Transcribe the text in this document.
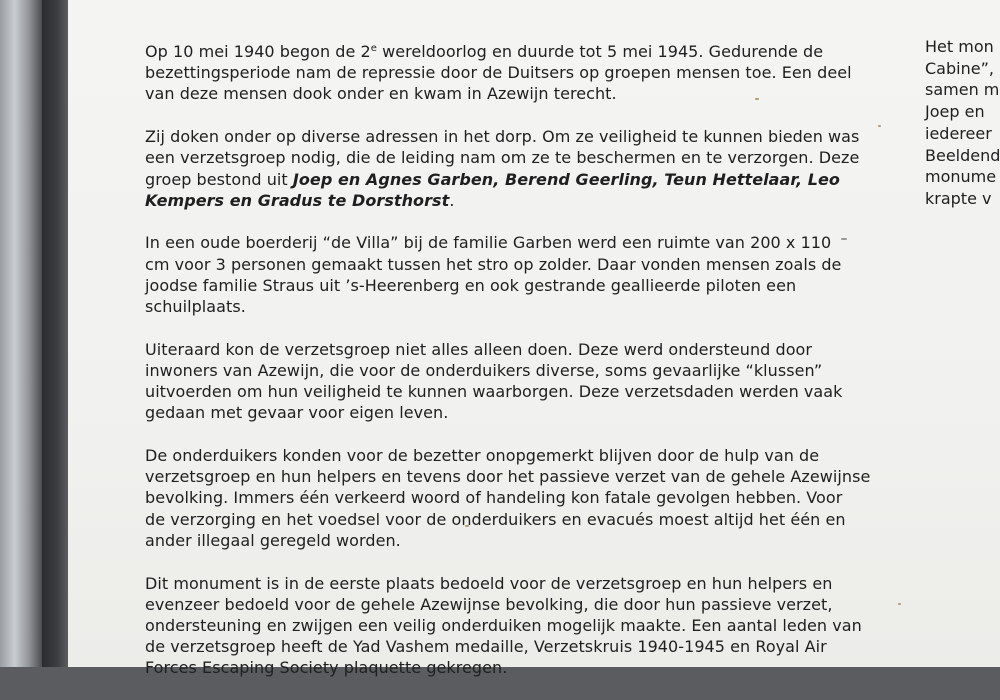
Op 10 mei 1940 begon de 2e wereldoorlog en duurde tot 5 mei 1945. Gedurende de
bezettingsperiode nam de repressie door de Duitsers op groepen mensen toe. Een deel
van deze mensen dook onder en kwam in Azewijn terecht.

Zij doken onder op diverse adressen in het dorp. Om ze veiligheid te kunnen bieden was
een verzetsgroep nodig, die de leiding nam om ze te beschermen en te verzorgen. Deze
groep bestond uit Joep en Agnes Garben, Berend Geerling, Teun Hettelaar, Leo
Kempers en Gradus te Dorsthorst.

In een oude boerderij “de Villa” bij de familie Garben werd een ruimte van 200 x 110
cm voor 3 personen gemaakt tussen het stro op zolder. Daar vonden mensen zoals de
joodse familie Straus uit ’s-Heerenberg en ook gestrande geallieerde piloten een
schuilplaats.

Uiteraard kon de verzetsgroep niet alles alleen doen. Deze werd ondersteund door
inwoners van Azewijn, die voor de onderduikers diverse, soms gevaarlijke “klussen”
uitvoerden om hun veiligheid te kunnen waarborgen. Deze verzetsdaden werden vaak
gedaan met gevaar voor eigen leven.

De onderduikers konden voor de bezetter onopgemerkt blijven door de hulp van de
verzetsgroep en hun helpers en tevens door het passieve verzet van de gehele Azewijnse
bevolking. Immers één verkeerd woord of handeling kon fatale gevolgen hebben. Voor
de verzorging en het voedsel voor de onderduikers en evacués moest altijd het één en
ander illegaal geregeld worden.

Dit monument is in de eerste plaats bedoeld voor de verzetsgroep en hun helpers en
evenzeer bedoeld voor de gehele Azewijnse bevolking, die door hun passieve verzet,
ondersteuning en zwijgen een veilig onderduiken mogelijk maakte. Een aantal leden van
de verzetsgroep heeft de Yad Vashem medaille, Verzetskruis 1940-1945 en Royal Air
Forces Escaping Society plaquette gekregen.

Het mon
Cabine”,
samen m
Joep en
iedereer
Beeldend
monume
krapte v
